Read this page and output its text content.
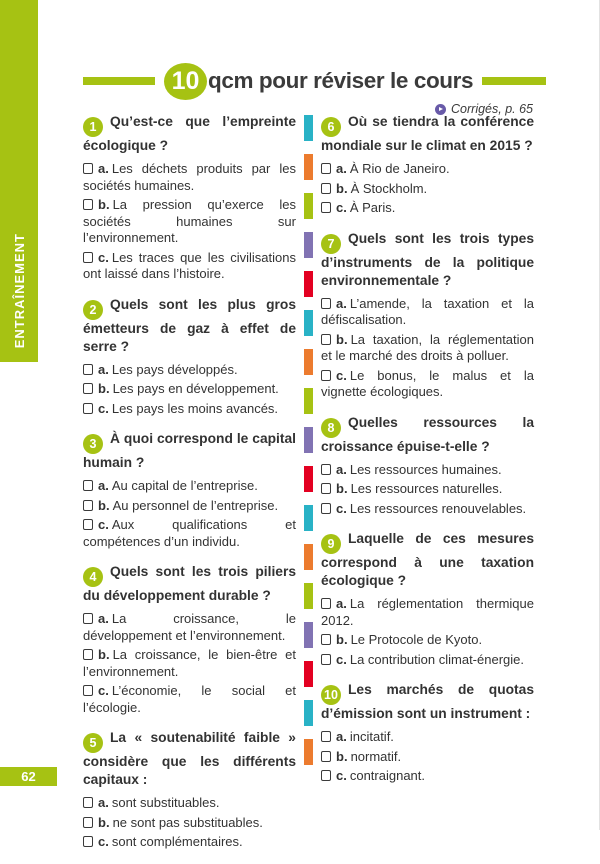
ENTRAÎNEMENT
62
10 qcm pour réviser le cours
Corrigés, p. 65
1 Qu’est-ce que l’empreinte écologique ?
a. Les déchets produits par les sociétés humaines.
b. La pression qu’exerce les sociétés humaines sur l’environnement.
c. Les traces que les civilisations ont laissé dans l’histoire.
2 Quels sont les plus gros émetteurs de gaz à effet de serre ?
a. Les pays développés.
b. Les pays en développement.
c. Les pays les moins avancés.
3 À quoi correspond le capital humain ?
a. Au capital de l’entreprise.
b. Au personnel de l’entreprise.
c. Aux qualifications et compétences d’un individu.
4 Quels sont les trois piliers du développement durable ?
a. La croissance, le développement et l’environnement.
b. La croissance, le bien-être et l’environnement.
c. L’économie, le social et l’écologie.
5 La « soutenabilité faible » considère que les différents capitaux :
a. sont substituables.
b. ne sont pas substituables.
c. sont complémentaires.
6 Où se tiendra la conférence mondiale sur le climat en 2015 ?
a. À Rio de Janeiro.
b. À Stockholm.
c. À Paris.
7 Quels sont les trois types d’instruments de la politique environnementale ?
a. L’amende, la taxation et la défiscalisation.
b. La taxation, la réglementation et le marché des droits à polluer.
c. Le bonus, le malus et la vignette écologiques.
8 Quelles ressources la croissance épuise-t-elle ?
a. Les ressources humaines.
b. Les ressources naturelles.
c. Les ressources renouvelables.
9 Laquelle de ces mesures correspond à une taxation écologique ?
a. La réglementation thermique 2012.
b. Le Protocole de Kyoto.
c. La contribution climat-énergie.
10 Les marchés de quotas d’émission sont un instrument :
a. incitatif.
b. normatif.
c. contraignant.
